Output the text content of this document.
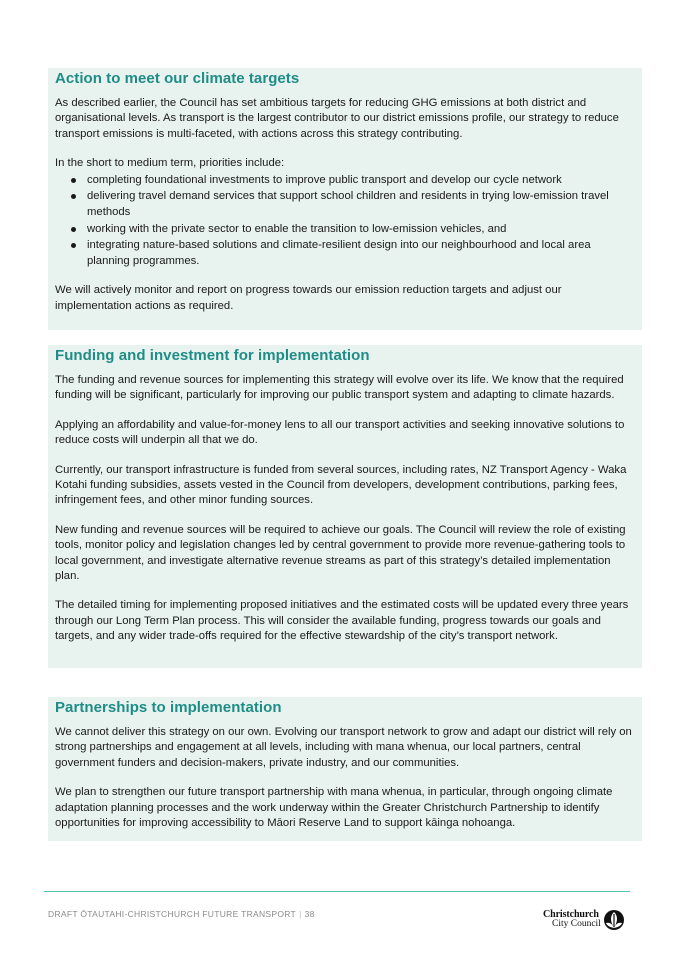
Action to meet our climate targets

As described earlier, the Council has set ambitious targets for reducing GHG emissions at both district and organisational levels. As transport is the largest contributor to our district emissions profile, our strategy to reduce transport emissions is multi-faceted, with actions across this strategy contributing.

In the short to medium term, priorities include:

completing foundational investments to improve public transport and develop our cycle network
delivering travel demand services that support school children and residents in trying low-emission travel methods
working with the private sector to enable the transition to low-emission vehicles, and
integrating nature-based solutions and climate-resilient design into our neighbourhood and local area planning programmes.

We will actively monitor and report on progress towards our emission reduction targets and adjust our implementation actions as required.

Funding and investment for implementation

The funding and revenue sources for implementing this strategy will evolve over its life. We know that the required funding will be significant, particularly for improving our public transport system and adapting to climate hazards.

Applying an affordability and value-for-money lens to all our transport activities and seeking innovative solutions to reduce costs will underpin all that we do.

Currently, our transport infrastructure is funded from several sources, including rates, NZ Transport Agency - Waka Kotahi funding subsidies, assets vested in the Council from developers, development contributions, parking fees, infringement fees, and other minor funding sources.

New funding and revenue sources will be required to achieve our goals. The Council will review the role of existing tools, monitor policy and legislation changes led by central government to provide more revenue-gathering tools to local government, and investigate alternative revenue streams as part of this strategy’s detailed implementation plan.

The detailed timing for implementing proposed initiatives and the estimated costs will be updated every three years through our Long Term Plan process. This will consider the available funding, progress towards our goals and targets, and any wider trade-offs required for the effective stewardship of the city’s transport network.

Partnerships to implementation

We cannot deliver this strategy on our own. Evolving our transport network to grow and adapt our district will rely on strong partnerships and engagement at all levels, including with mana whenua, our local partners, central government funders and decision-makers, private industry, and our communities.

We plan to strengthen our future transport partnership with mana whenua, in particular, through ongoing climate adaptation planning processes and the work underway within the Greater Christchurch Partnership to identify opportunities for improving accessibility to Māori Reserve Land to support kāinga nohoanga.

DRAFT ŌTAUTAHI-CHRISTCHURCH FUTURE TRANSPORT | 38	Christchurch
City Council
